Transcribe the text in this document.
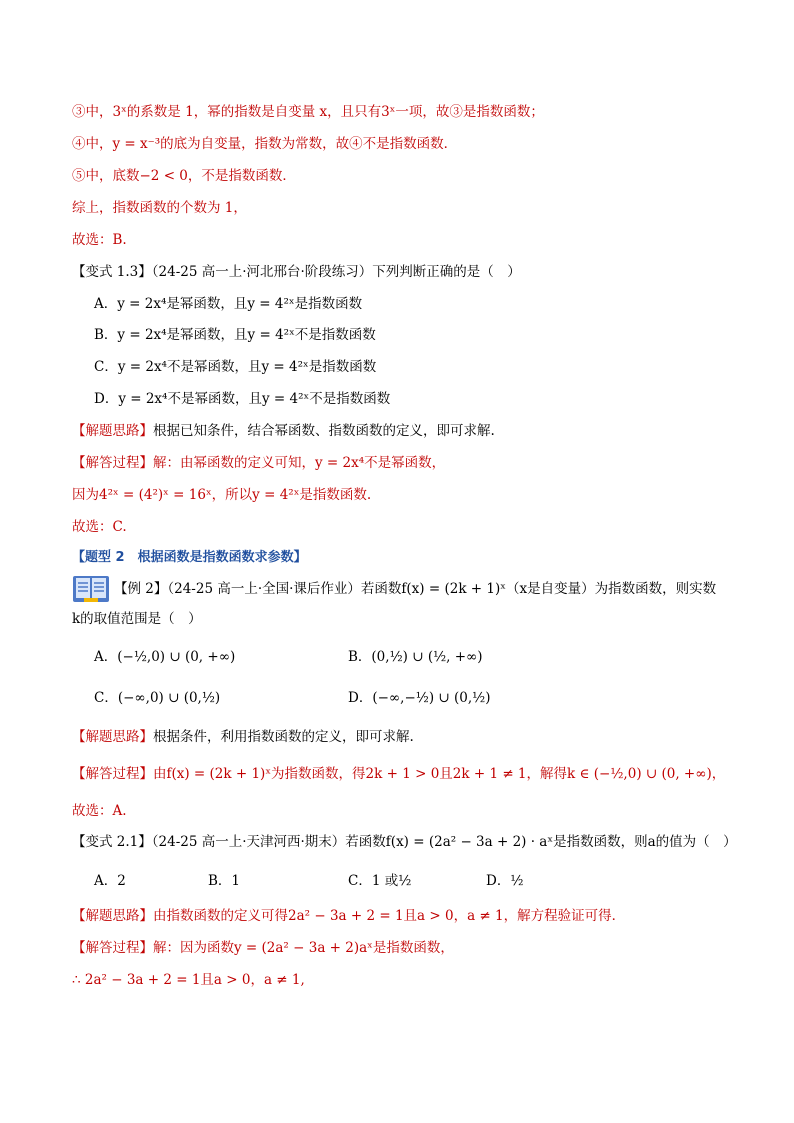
③中，3ˣ的系数是 1，幂的指数是自变量 x，且只有3ˣ一项，故③是指数函数；
④中，y = x⁻³的底为自变量，指数为常数，故④不是指数函数．
⑤中，底数−2 < 0，不是指数函数．
综上，指数函数的个数为 1，
故选：B.
【变式 1.3】（24-25 高一上·河北邢台·阶段练习）下列判断正确的是（　）
A．y = 2x⁴是幂函数，且y = 4²ˣ是指数函数
B．y = 2x⁴是幂函数，且y = 4²ˣ不是指数函数
C．y = 2x⁴不是幂函数，且y = 4²ˣ是指数函数
D．y = 2x⁴不是幂函数，且y = 4²ˣ不是指数函数
【解题思路】根据已知条件，结合幂函数、指数函数的定义，即可求解.
【解答过程】解：由幂函数的定义可知，y = 2x⁴不是幂函数，
因为4²ˣ = (4²)ˣ = 16ˣ，所以y = 4²ˣ是指数函数.
故选：C.
【题型 2　根据函数是指数函数求参数】
【例 2】（24-25 高一上·全国·课后作业）若函数f(x) = (2k + 1)ˣ（x是自变量）为指数函数，则实数
k的取值范围是（　）
A．(−½,0) ∪ (0, +∞)	B．(0,½) ∪ (½, +∞)
C．(−∞,0) ∪ (0,½)	D．(−∞,−½) ∪ (0,½)
【解题思路】根据条件，利用指数函数的定义，即可求解.
【解答过程】由f(x) = (2k + 1)ˣ为指数函数，得2k + 1 > 0且2k + 1 ≠ 1，解得k ∈ (−½,0) ∪ (0, +∞)，
故选：A.
【变式 2.1】（24-25 高一上·天津河西·期末）若函数f(x) = (2a² − 3a + 2) · aˣ是指数函数，则a的值为（　）
A．2	B．1	C．1 或½	D．½
【解题思路】由指数函数的定义可得2a² − 3a + 2 = 1且a > 0，a ≠ 1，解方程验证可得．
【解答过程】解：因为函数y = (2a² − 3a + 2)aˣ是指数函数，
∴ 2a² − 3a + 2 = 1且a > 0，a ≠ 1,
